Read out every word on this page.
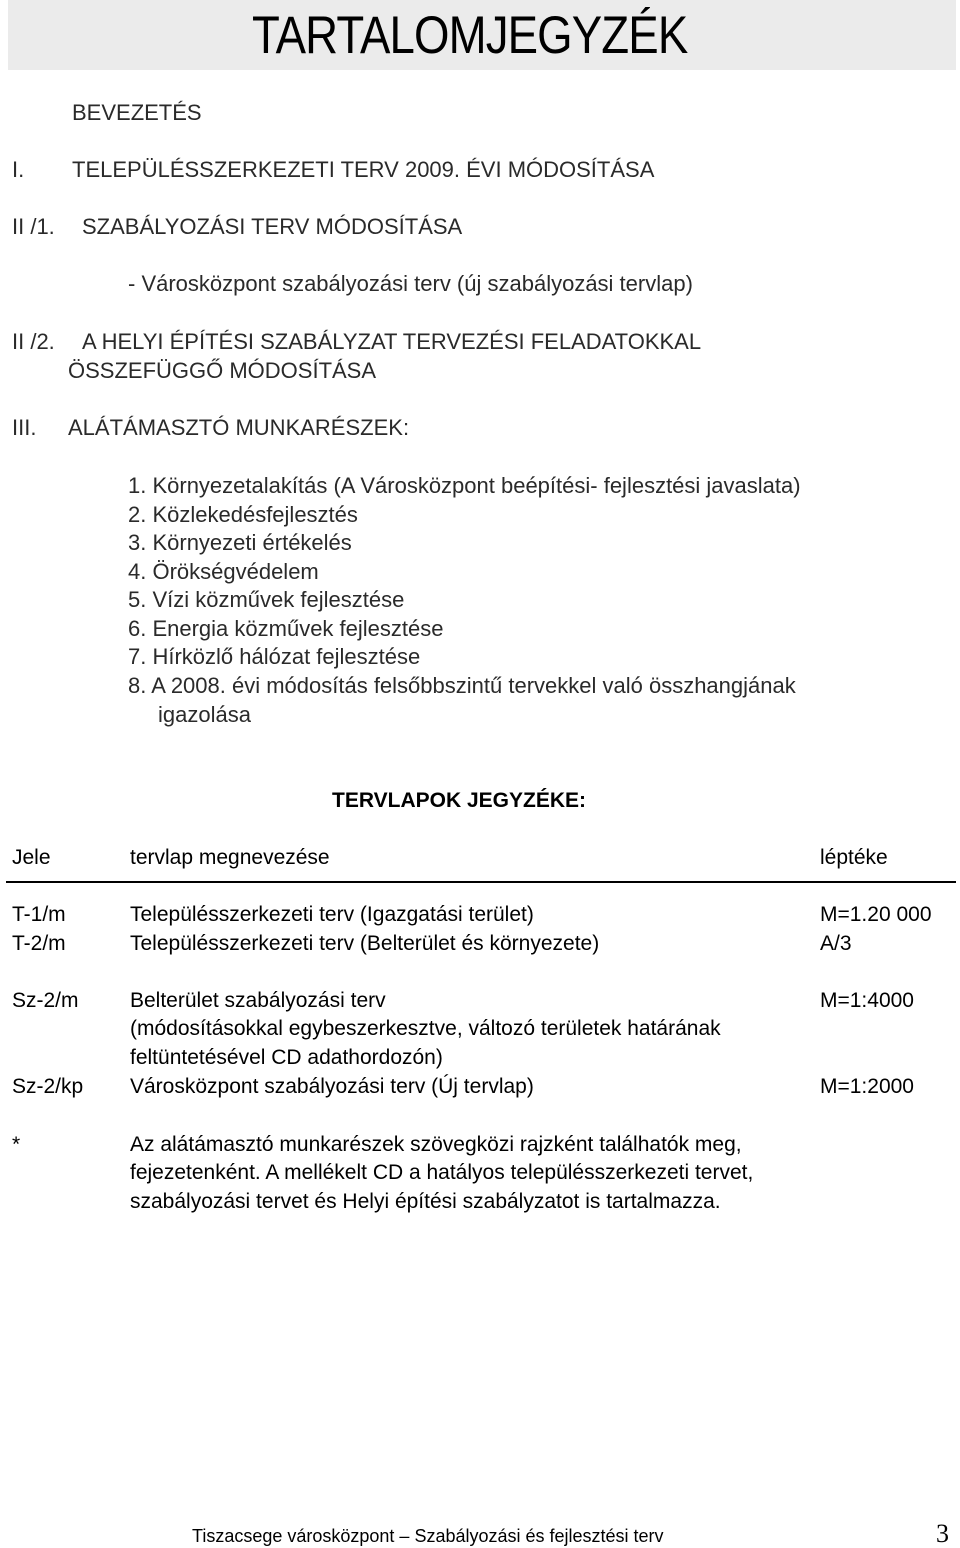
TARTALOMJEGYZÉK
BEVEZETÉS
I. TELEPÜLÉSSZERKEZETI TERV 2009. ÉVI MÓDOSÍTÁSA
II /1. SZABÁLYOZÁSI TERV MÓDOSÍTÁSA
- Városközpont szabályozási terv (új szabályozási tervlap)
II /2. A HELYI ÉPÍTÉSI SZABÁLYZAT TERVEZÉSI FELADATOKKAL
ÖSSZEFÜGGŐ MÓDOSÍTÁSA
III. ALÁTÁMASZTÓ MUNKARÉSZEK:
1. Környezetalakítás (A Városközpont beépítési- fejlesztési javaslata)
2. Közlekedésfejlesztés
3. Környezeti értékelés
4. Örökségvédelem
5. Vízi közművek fejlesztése
6. Energia közművek fejlesztése
7. Hírközlő hálózat fejlesztése
8. A 2008. évi módosítás felsőbbszintű tervekkel való összhangjának
igazolása
TERVLAPOK JEGYZÉKE:
Jele	tervlap megnevezése	léptéke
T-1/m	Településszerkezeti terv (Igazgatási terület)	M=1.20 000
T-2/m	Településszerkezeti terv (Belterület és környezete)	A/3
Sz-2/m Belterület szabályozási terv	M=1:4000
(módosításokkal egybeszerkesztve, változó területek határának
feltüntetésével CD adathordozón)
Sz-2/kp Városközpont szabályozási terv (Új tervlap)	M=1:2000
*	Az alátámasztó munkarészek szövegközi rajzként találhatók meg,
fejezetenként. A mellékelt CD a hatályos településszerkezeti tervet,
szabályozási tervet és Helyi építési szabályzatot is tartalmazza.
Tiszacsege városközpont – Szabályozási és fejlesztési terv	3
